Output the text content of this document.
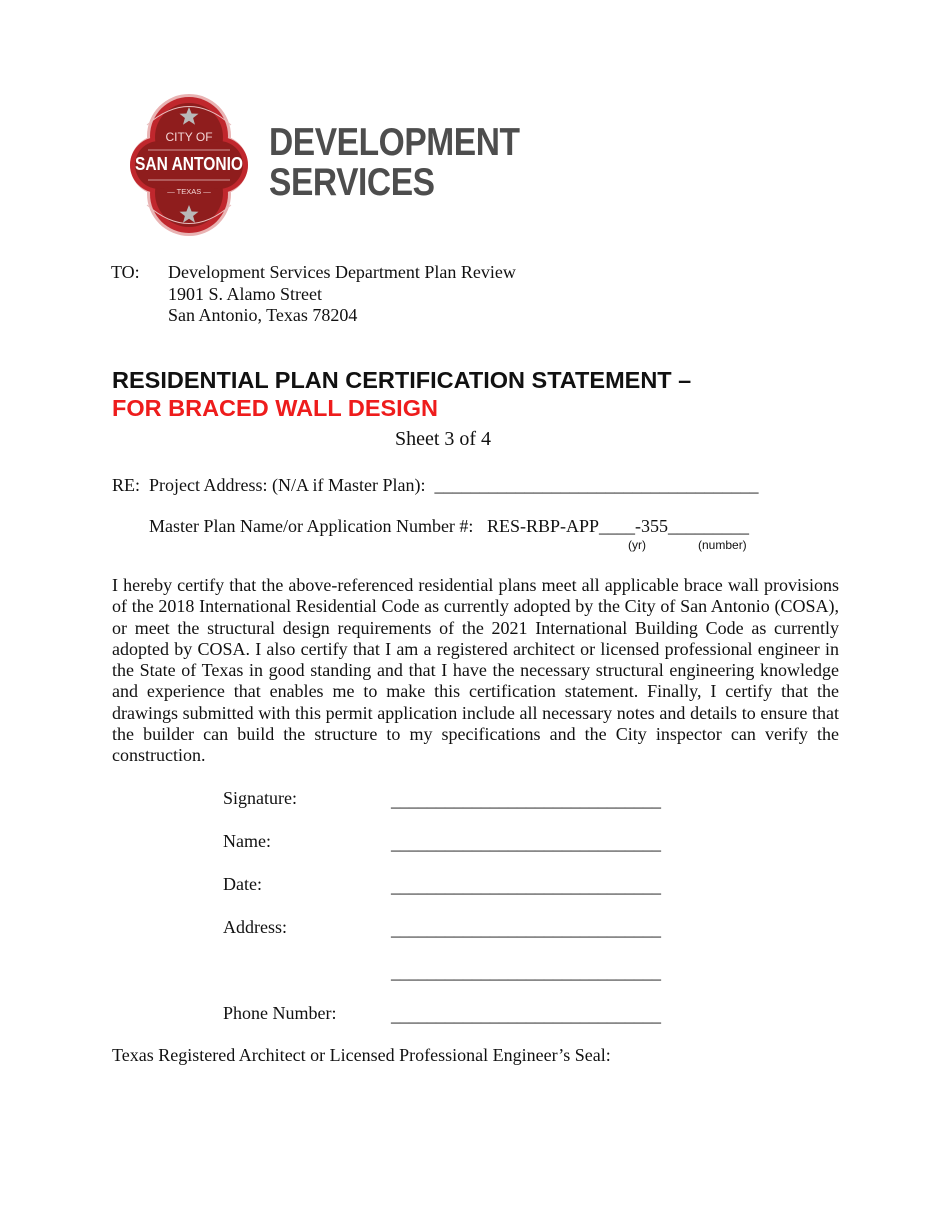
CITY OF
SAN ANTONIO
— TEXAS —
DEVELOPMENT
SERVICES
TO: Development Services Department Plan Review
1901 S. Alamo Street
San Antonio, Texas 78204
RESIDENTIAL PLAN CERTIFICATION STATEMENT –
FOR BRACED WALL DESIGN
Sheet 3 of 4
RE:  Project Address: (N/A if Master Plan):  ____________________________________
Master Plan Name/or Application Number #:   RES-RBP-APP____-355_________
(yr)	(number)
I hereby certify that the above-referenced residential plans meet all applicable brace wall provisions of the 2018 International Residential Code as currently adopted by the City of San Antonio (COSA), or meet the structural design requirements of the 2021 International Building Code as currently adopted by COSA. I also certify that I am a registered architect or licensed professional engineer in the State of Texas in good standing and that I have the necessary structural engineering knowledge and experience that enables me to make this certification statement. Finally, I certify that the drawings submitted with this permit application include all necessary notes and details to ensure that the builder can build the structure to my specifications and the City inspector can verify the construction.
Signature:	______________________________
Name:	______________________________
Date:	______________________________
Address:	______________________________
______________________________
Phone Number:	______________________________
Texas Registered Architect or Licensed Professional Engineer’s Seal:
